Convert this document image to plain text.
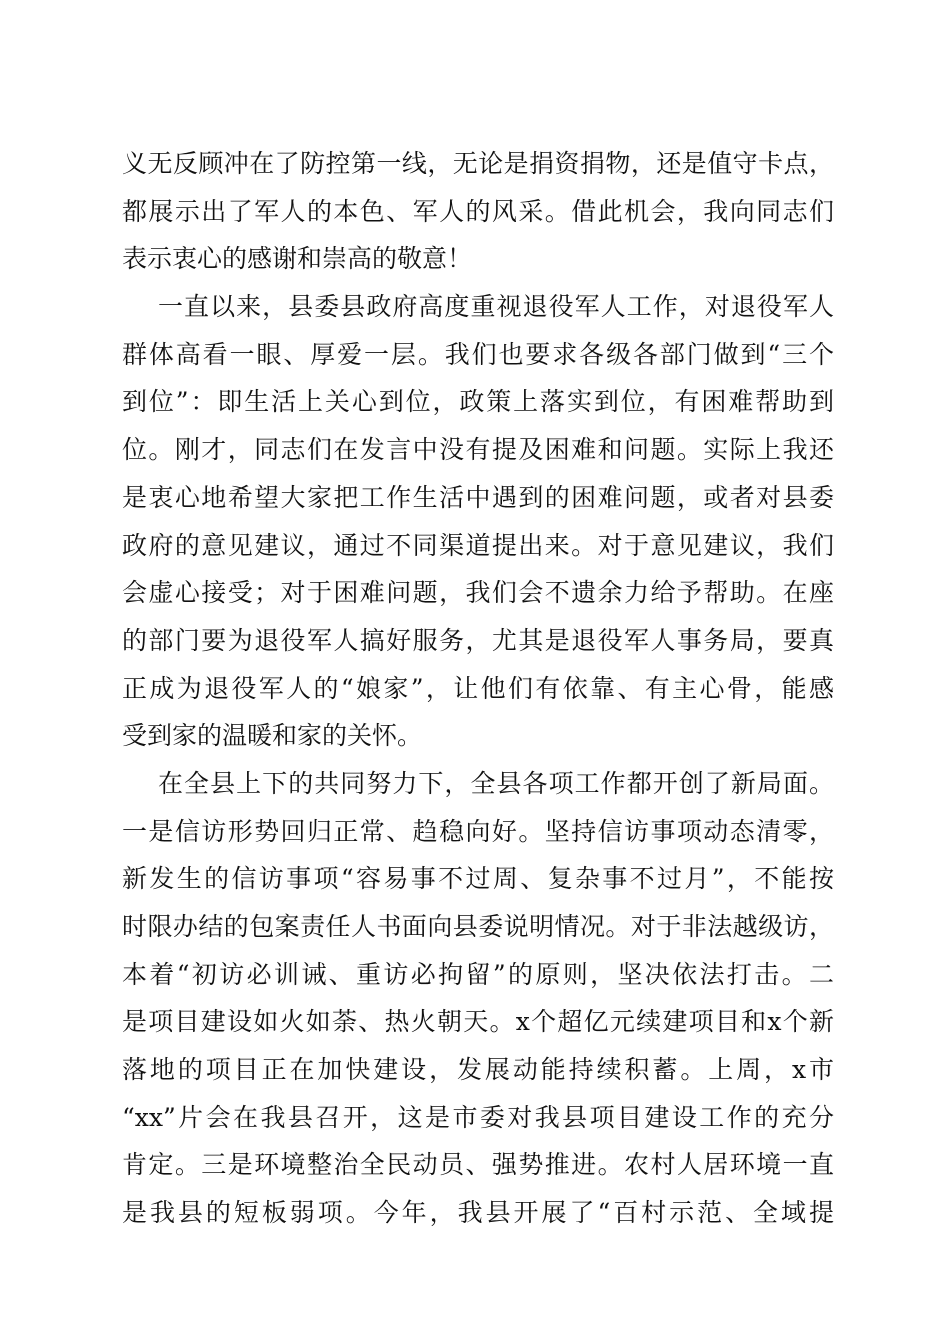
义无反顾冲在了防控第一线，无论是捐资捐物，还是值守卡点，
都展示出了军人的本色、军人的风采。借此机会，我向同志们
表示衷心的感谢和崇高的敬意！
一直以来，县委县政府高度重视退役军人工作，对退役军人
群体高看一眼、厚爱一层。我们也要求各级各部门做到“三个
到位”：即生活上关心到位，政策上落实到位，有困难帮助到
位。刚才，同志们在发言中没有提及困难和问题。实际上我还
是衷心地希望大家把工作生活中遇到的困难问题，或者对县委
政府的意见建议，通过不同渠道提出来。对于意见建议，我们
会虚心接受；对于困难问题，我们会不遗余力给予帮助。在座
的部门要为退役军人搞好服务，尤其是退役军人事务局，要真
正成为退役军人的“娘家”，让他们有依靠、有主心骨，能感
受到家的温暖和家的关怀。
在全县上下的共同努力下，全县各项工作都开创了新局面。
一是信访形势回归正常、趋稳向好。坚持信访事项动态清零，
新发生的信访事项“容易事不过周、复杂事不过月”，不能按
时限办结的包案责任人书面向县委说明情况。对于非法越级访，
本着“初访必训诫、重访必拘留”的原则，坚决依法打击。二
是项目建设如火如荼、热火朝天。x个超亿元续建项目和x个新
落地的项目正在加快建设，发展动能持续积蓄。上周，x市
“xx”片会在我县召开，这是市委对我县项目建设工作的充分
肯定。三是环境整治全民动员、强势推进。农村人居环境一直
是我县的短板弱项。今年，我县开展了“百村示范、全域提
